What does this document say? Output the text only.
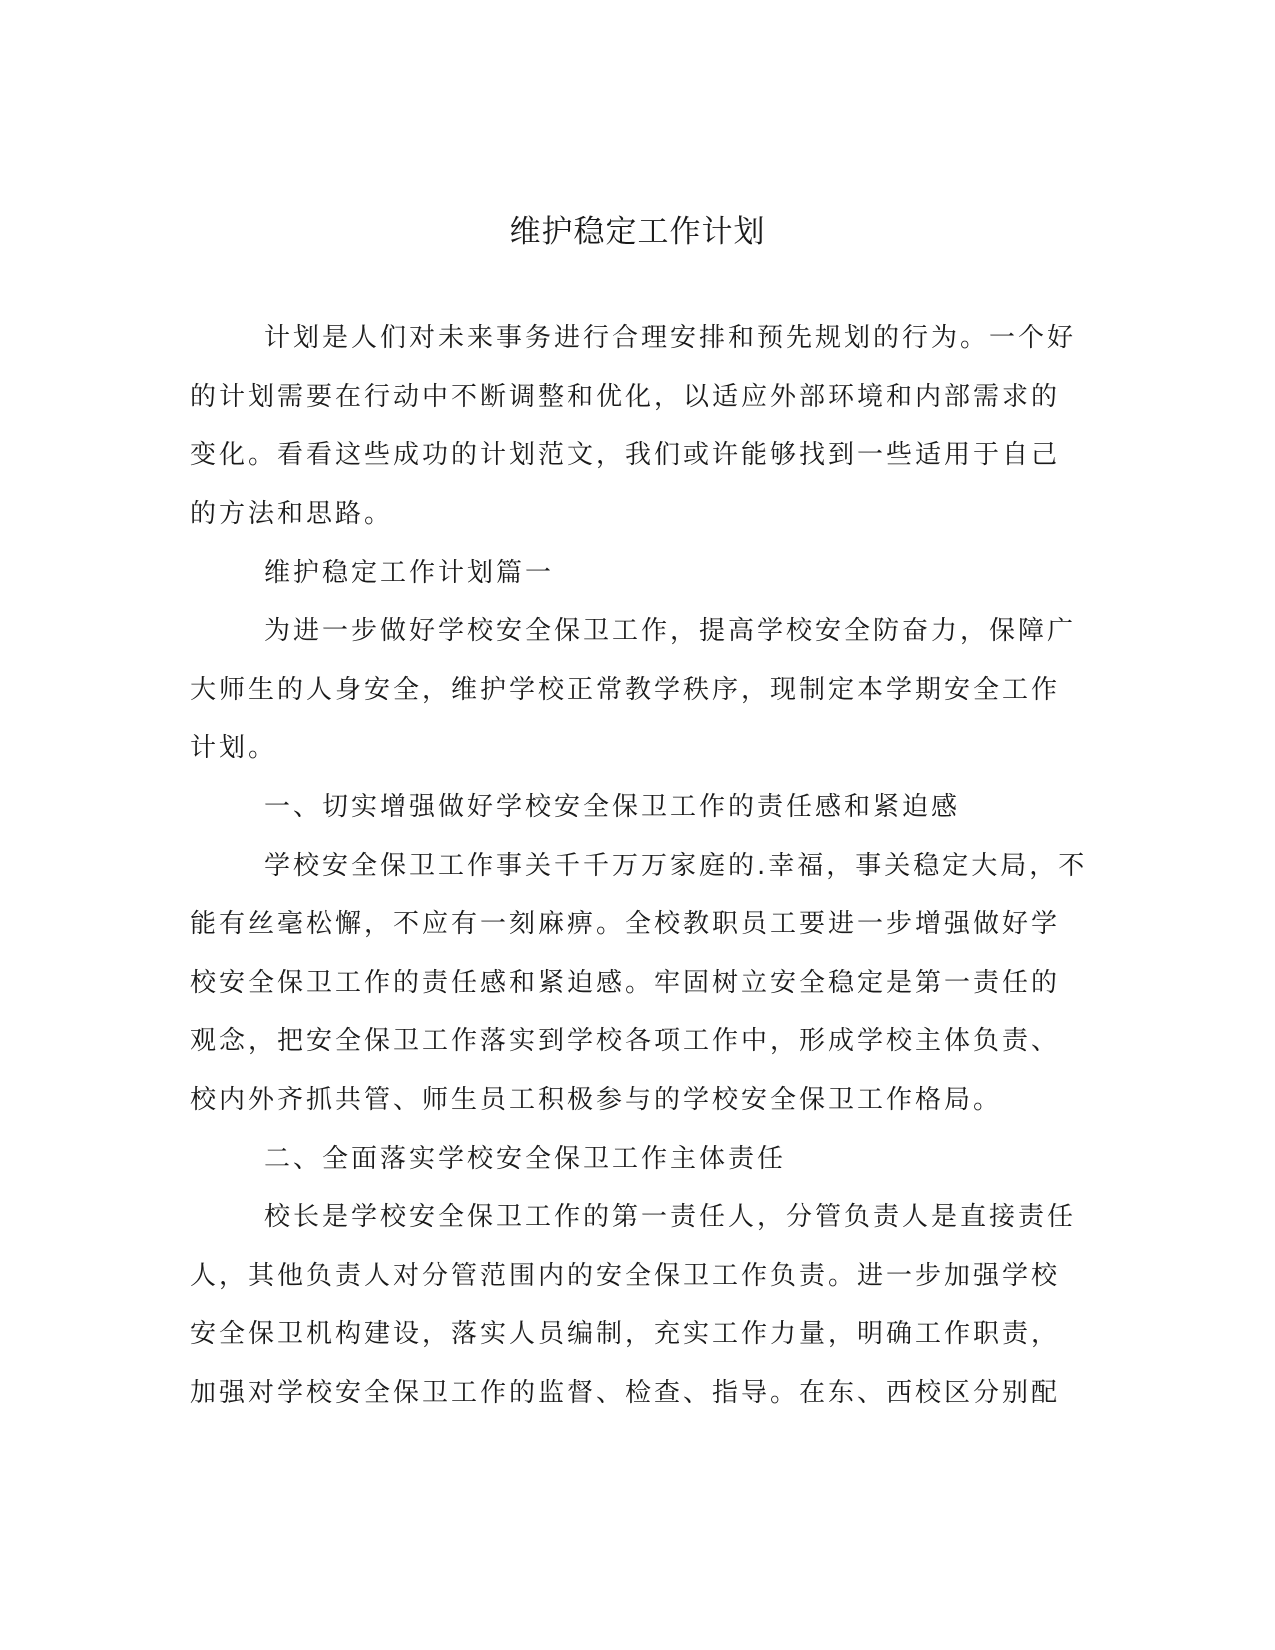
维护稳定工作计划
计划是人们对未来事务进行合理安排和预先规划的行为。一个好
的计划需要在行动中不断调整和优化，以适应外部环境和内部需求的
变化。看看这些成功的计划范文，我们或许能够找到一些适用于自己
的方法和思路。
维护稳定工作计划篇一
为进一步做好学校安全保卫工作，提高学校安全防奋力，保障广
大师生的人身安全，维护学校正常教学秩序，现制定本学期安全工作
计划。
一、切实增强做好学校安全保卫工作的责任感和紧迫感
学校安全保卫工作事关千千万万家庭的.幸福，事关稳定大局，不
能有丝毫松懈，不应有一刻麻痹。全校教职员工要进一步增强做好学
校安全保卫工作的责任感和紧迫感。牢固树立安全稳定是第一责任的
观念，把安全保卫工作落实到学校各项工作中，形成学校主体负责、
校内外齐抓共管、师生员工积极参与的学校安全保卫工作格局。
二、全面落实学校安全保卫工作主体责任
校长是学校安全保卫工作的第一责任人，分管负责人是直接责任
人，其他负责人对分管范围内的安全保卫工作负责。进一步加强学校
安全保卫机构建设，落实人员编制，充实工作力量，明确工作职责，
加强对学校安全保卫工作的监督、检查、指导。在东、西校区分别配
